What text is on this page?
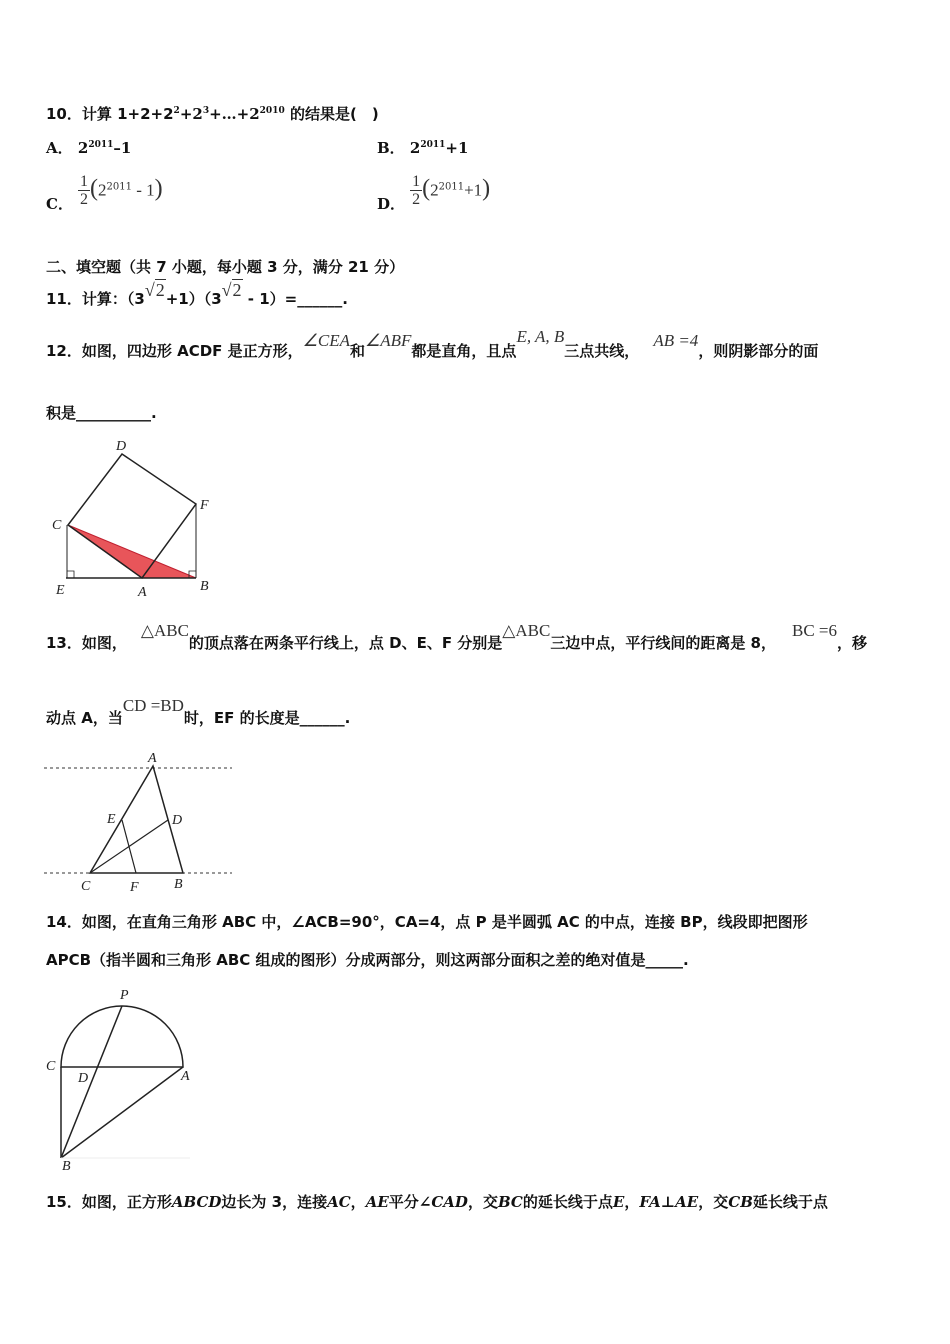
10．计算 $1+2+2^2+2^3+\dots+2^{2010}$ 的结果是(　)
A． $2^{2011}-1$	B． $2^{2011}+1$
C． $\frac{1}{2} (2^{2011} - 1)$
D． $\frac{1}{2} (2^{2011}+1)$
二、填空题（共 7 小题，每小题 3 分，满分 21 分）
11．计算：（3√2+1）（3√2 - 1）=______.
12．如图，四边形 ACDF 是正方形，∠CEA和∠ABF都是直角，且点E, A, B三点共线，AB =4，则阴影部分的面
积是__________.
D
F
C
E	A	B
13．如图，△ABC的顶点落在两条平行线上，点 D、E、F 分别是△ABC三边中点，平行线间的距离是 8，BC =6，移
动点 A，当CD =BD时，EF 的长度是______.
A
E	D
C	F	B
14．如图，在直角三角形 ABC 中，∠ACB=90°，CA=4，点 P 是半圆弧 AC 的中点，连接 BP，线段即把图形
APCB（指半圆和三角形 ABC 组成的图形）分成两部分，则这两部分面积之差的绝对值是_____.
P
C
D	A
B
15．如图，正方形ABCD边长为 3，连接AC，AE平分∠CAD，交BC的延长线于点E，FA⊥AE，交CB延长线于点
